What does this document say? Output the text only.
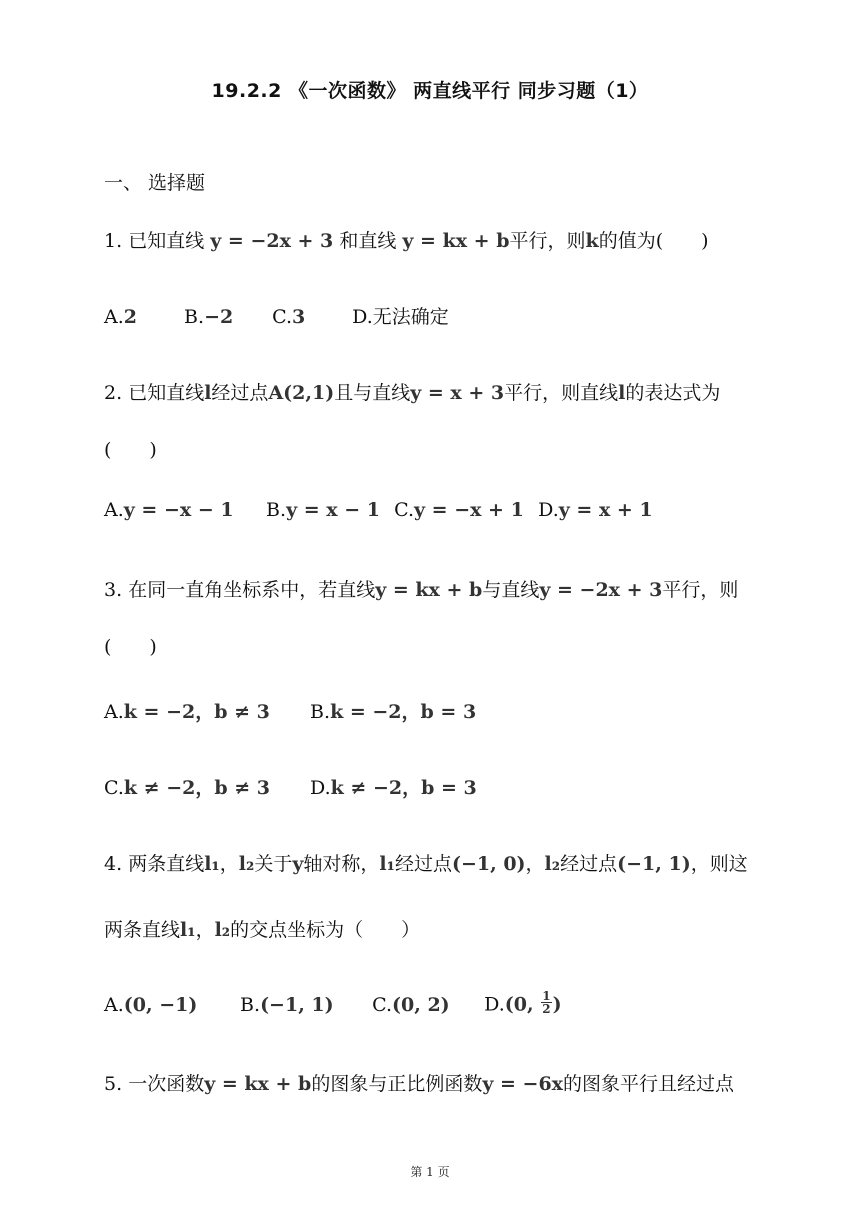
19.2.2 《一次函数》 两直线平行 同步习题（1）
一、 选择题
1. 已知直线 y = −2x + 3 和直线 y = kx + b平行，则k的值为(　　)
A.2 B.−2 C.3 D.无法确定
2. 已知直线l经过点A(2,1)且与直线y = x + 3平行，则直线l的表达式为
(　　)
A.y = −x − 1 B.y = x − 1 C.y = −x + 1 D.y = x + 1
3. 在同一直角坐标系中，若直线y = kx + b与直线y = −2x + 3平行，则
(　　)
A.k = −2，b ≠ 3 B.k = −2，b = 3
C.k ≠ −2，b ≠ 3 D.k ≠ −2，b = 3
4. 两条直线l₁，l₂关于y轴对称，l₁经过点(−1, 0)，l₂经过点(−1, 1)，则这
两条直线l₁，l₂的交点坐标为（　　）
A.(0, −1) B.(−1, 1) C.(0, 2) D.(0, $\frac{1}{2}$ )
5. 一次函数y = kx + b的图象与正比例函数y = −6x的图象平行且经过点
第 1 页
